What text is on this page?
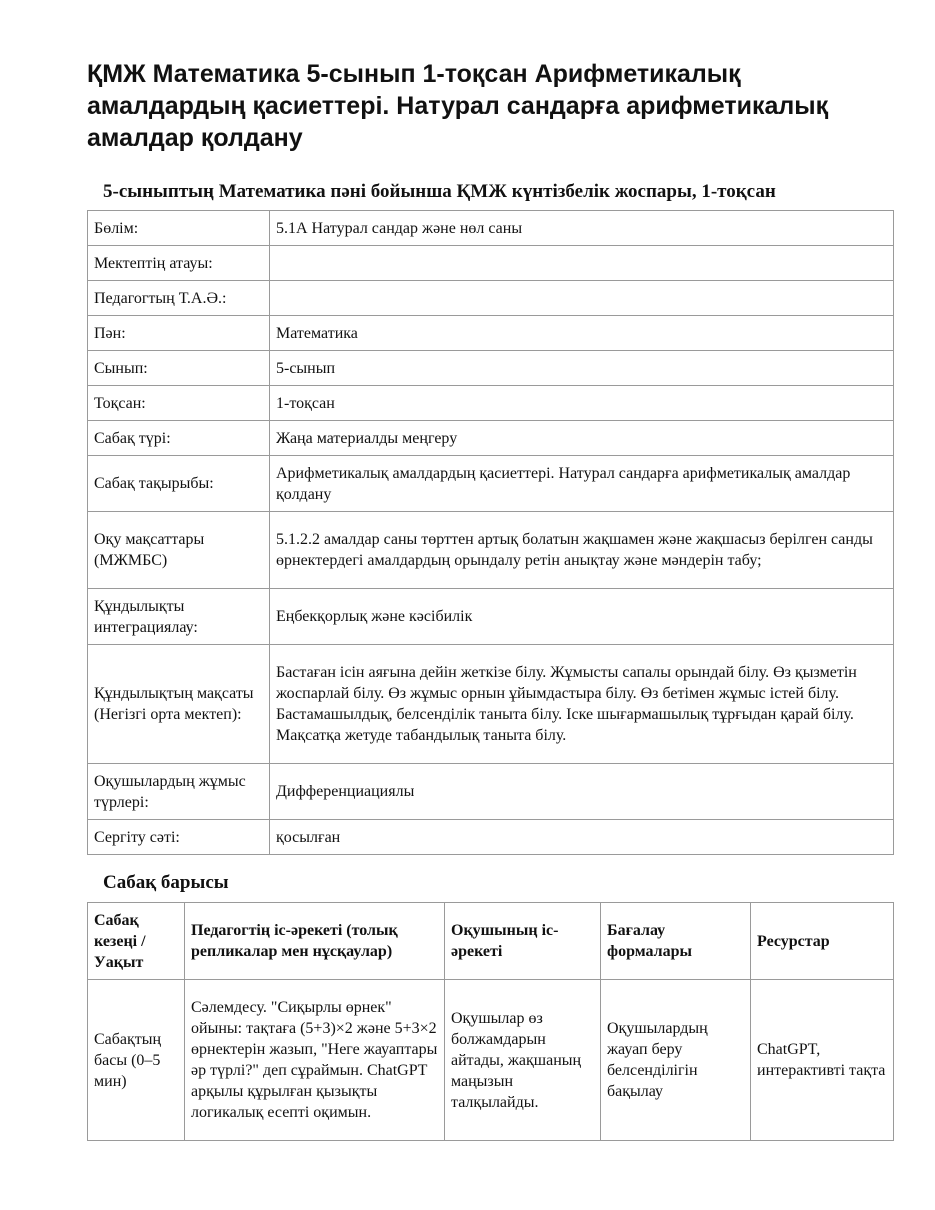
ҚМЖ Математика 5-сынып 1-тоқсан Арифметикалық амалдардың қасиеттері. Натурал сандарға арифметикалық амалдар қолдану
5-сыныптың Математика пәні бойынша ҚМЖ күнтізбелік жоспары, 1-тоқсан
Бөлім:	5.1А Натурал сандар және нөл саны
Мектептің атауы:	
Педагогтың Т.А.Ә.:	
Пән:	Математика
Сынып:	5-сынып
Тоқсан:	1-тоқсан
Сабақ түрі:	Жаңа материалды меңгеру
Сабақ тақырыбы:	Арифметикалық амалдардың қасиеттері. Натурал сандарға арифметикалық амалдар қолдану
Оқу мақсаттары (МЖМБС)	5.1.2.2 амалдар саны төрттен артық болатын жақшамен және жақшасыз берілген санды өрнектердегі амалдардың орындалу ретін анықтау және мәндерін табу;
Құндылықты интеграциялау:	Еңбекқорлық және кәсібилік
Құндылықтың мақсаты (Негізгі орта мектеп):	Бастаған ісін аяғына дейін жеткізе білу. Жұмысты сапалы орындай білу. Өз қызметін жоспарлай білу. Өз жұмыс орнын ұйымдастыра білу. Өз бетімен жұмыс істей білу. Бастамашылдық, белсенділік таныта білу. Іске шығармашылық тұрғыдан қарай білу. Мақсатқа жетуде табандылық таныта білу.
Оқушылардың жұмыс түрлері:	Дифференциациялы
Сергіту сәті:	қосылған
Сабақ барысы
Сабақ кезеңі / Уақыт	Педагогтің іс-әрекеті (толық репликалар мен нұсқаулар)	Оқушының іс-әрекеті	Бағалау формалары	Ресурстар
Сабақтың басы (0–5 мин)	Сәлемдесу. "Сиқырлы өрнек" ойыны: тақтаға (5+3)×2 және 5+3×2 өрнектерін жазып, "Неге жауаптары әр түрлі?" деп сұраймын. ChatGPT арқылы құрылған қызықты логикалық есепті оқимын.	Оқушылар өз болжамдарын айтады, жақшаның маңызын талқылайды.	Оқушылардың жауап беру белсенділігін бақылау	ChatGPT, интерактивті тақта
